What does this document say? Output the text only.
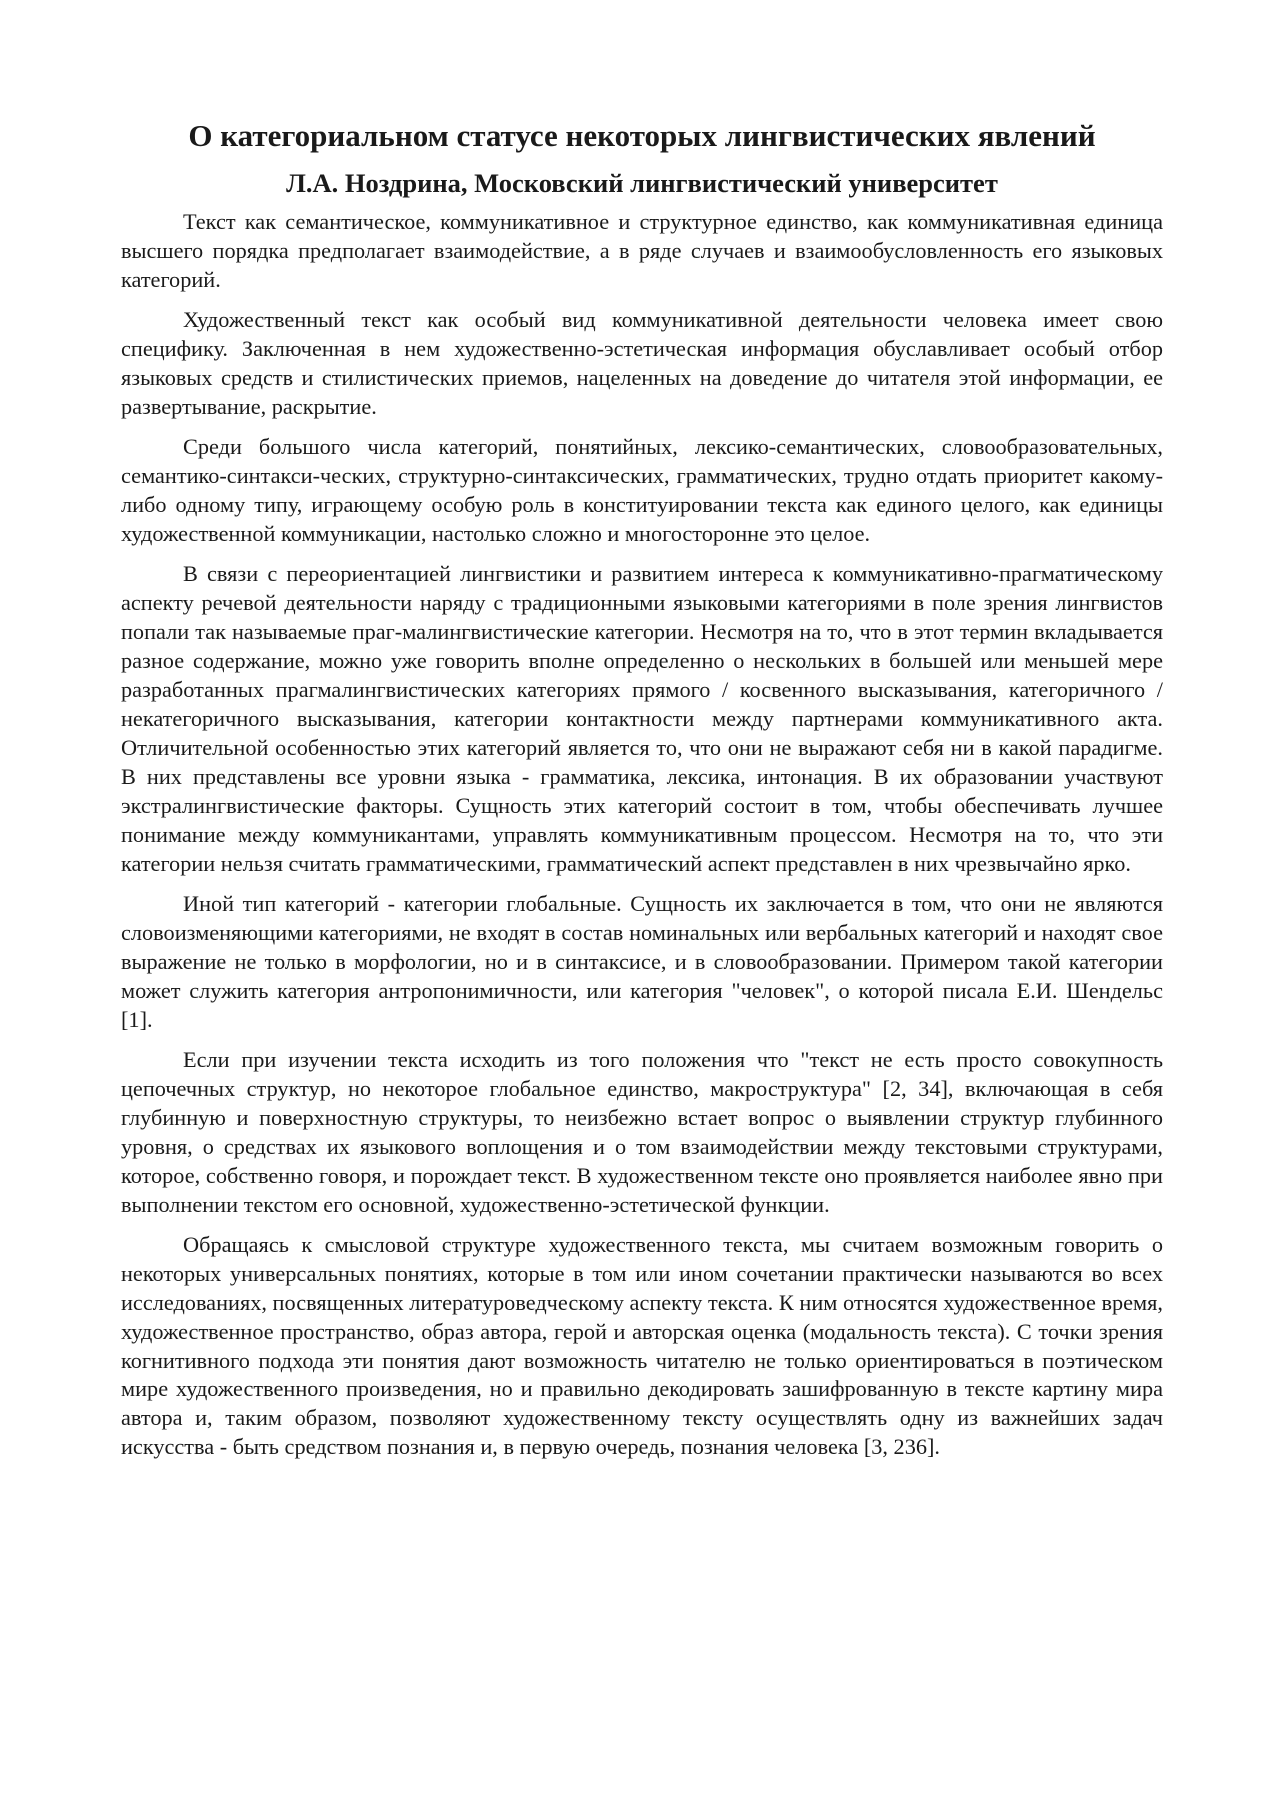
О категориальном статусе некоторых лингвистических явлений
Л.А. Ноздрина, Московский лингвистический университет

Текст как семантическое, коммуникативное и структурное единство, как коммуникативная единица высшего порядка предполагает взаимодействие, а в ряде случаев и взаимообусловленность его языковых категорий.

Художественный текст как особый вид коммуникативной деятельности человека имеет свою специфику. Заключенная в нем художественно-эстетическая информация обуславливает особый отбор языковых средств и стилистических приемов, нацеленных на доведение до читателя этой информации, ее развертывание, раскрытие.

Среди большого числа категорий, понятийных, лексико-семантических, словообразовательных, семантико-синтакси-ческих, структурно-синтаксических, грамматических, трудно отдать приоритет какому-либо одному типу, играющему особую роль в конституировании текста как единого целого, как единицы художественной коммуникации, настолько сложно и многосторонне это целое.

В связи с переориентацией лингвистики и развитием интереса к коммуникативно-прагматическому аспекту речевой деятельности наряду с традиционными языковыми категориями в поле зрения лингвистов попали так называемые праг-малингвистические категории. Несмотря на то, что в этот термин вкладывается разное содержание, можно уже говорить вполне определенно о нескольких в большей или меньшей мере разработанных прагмалингвистических категориях прямого / косвенного высказывания, категоричного / некатегоричного высказывания, категории контактности между партнерами коммуникативного акта. Отличительной особенностью этих категорий является то, что они не выражают себя ни в какой парадигме. В них представлены все уровни языка - грамматика, лексика, интонация. В их образовании участвуют экстралингвистические факторы. Сущность этих категорий состоит в том, чтобы обеспечивать лучшее понимание между коммуникантами, управлять коммуникативным процессом. Несмотря на то, что эти категории нельзя считать грамматическими, грамматический аспект представлен в них чрезвычайно ярко.

Иной тип категорий - категории глобальные. Сущность их заключается в том, что они не являются словоизменяющими категориями, не входят в состав номинальных или вербальных категорий и находят свое выражение не только в морфологии, но и в синтаксисе, и в словообразовании. Примером такой категории может служить категория антропонимичности, или категория "человек", о которой писала Е.И. Шендельс [1].

Если при изучении текста исходить из того положения что "текст не есть просто совокупность цепочечных структур, но некоторое глобальное единство, макроструктура" [2, 34], включающая в себя глубинную и поверхностную структуры, то неизбежно встает вопрос о выявлении структур глубинного уровня, о средствах их языкового воплощения и о том взаимодействии между текстовыми структурами, которое, собственно говоря, и порождает текст. В художественном тексте оно проявляется наиболее явно при выполнении текстом его основной, художественно-эстетической функции.

Обращаясь к смысловой структуре художественного текста, мы считаем возможным говорить о некоторых универсальных понятиях, которые в том или ином сочетании практически называются во всех исследованиях, посвященных литературоведческому аспекту текста. К ним относятся художественное время, художественное пространство, образ автора, герой и авторская оценка (модальность текста). С точки зрения когнитивного подхода эти понятия дают возможность читателю не только ориентироваться в поэтическом мире художественного произведения, но и правильно декодировать зашифрованную в тексте картину мира автора и, таким образом, позволяют художественному тексту осуществлять одну из важнейших задач искусства - быть средством познания и, в первую очередь, познания человека [3, 236].
